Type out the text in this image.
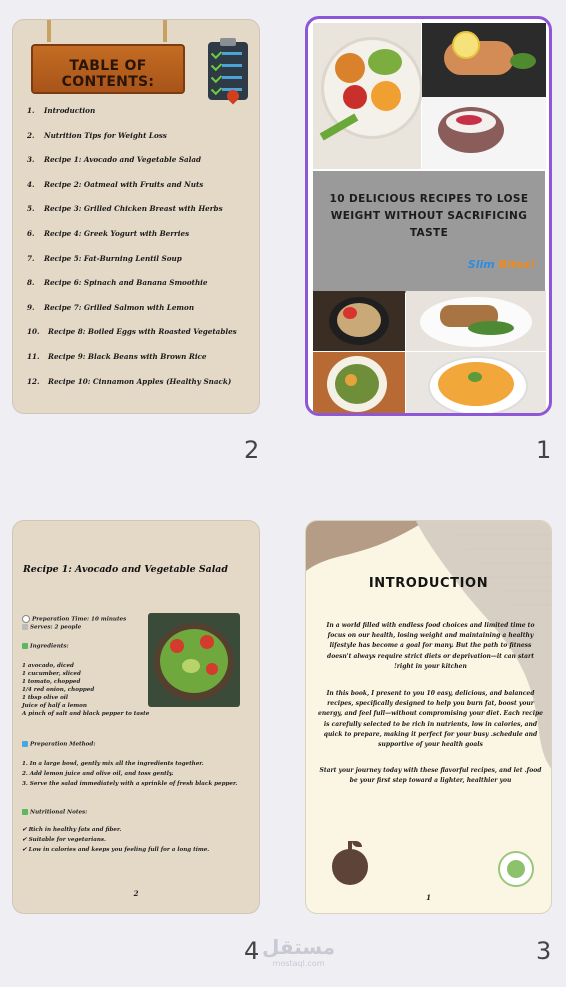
TABLE OF CONTENTS:
1. Introduction
2. Nutrition Tips for Weight Loss
3. Recipe 1: Avocado and Vegetable Salad
4. Recipe 2: Oatmeal with Fruits and Nuts
5. Recipe 3: Grilled Chicken Breast with Herbs
6. Recipe 4: Greek Yogurt with Berries
7. Recipe 5: Fat-Burning Lentil Soup
8. Recipe 6: Spinach and Banana Smoothie
9. Recipe 7: Grilled Salmon with Lemon
10. Recipe 8: Boiled Eggs with Roasted Vegetables
11. Recipe 9: Black Beans with Brown Rice
12. Recipe 10: Cinnamon Apples (Healthy Snack)
2
10 DELICIOUS RECIPES TO LOSE WEIGHT WITHOUT SACRIFICING TASTE
Slim Bites!
1
Recipe 1: Avocado and Vegetable Salad
Preparation Time: 10 minutes
Serves: 2 people
Ingredients:
1 avocado, diced
1 cucumber, sliced
1 tomato, chopped
1/4 red onion, chopped
1 tbsp olive oil
Juice of half a lemon
A pinch of salt and black pepper to taste
Preparation Method:
1. In a large bowl, gently mix all the ingredients together.
2. Add lemon juice and olive oil, and toss gently.
3. Serve the salad immediately with a sprinkle of fresh black pepper.
Nutritional Notes:
✔ Rich in healthy fats and fiber.
✔ Suitable for vegetarians.
✔ Low in calories and keeps you feeling full for a long time.
2
4
INTRODUCTION

In a world filled with endless food choices and limited time to focus on our health, losing weight and maintaining a healthy lifestyle has become a goal for many. But the path to fitness doesn't always require strict diets or deprivation—it can start !right in your kitchen

In this book, I present to you 10 easy, delicious, and balanced recipes, specifically designed to help you burn fat, boost your energy, and feel full—without compromising your diet. Each recipe is carefully selected to be rich in nutrients, low in calories, and quick to prepare, making it perfect for your busy .schedule and supportive of your health goals

Start your journey today with these flavorful recipes, and let .food be your first step toward a lighter, healthier you

1
3
مستقل
mostaql.com
